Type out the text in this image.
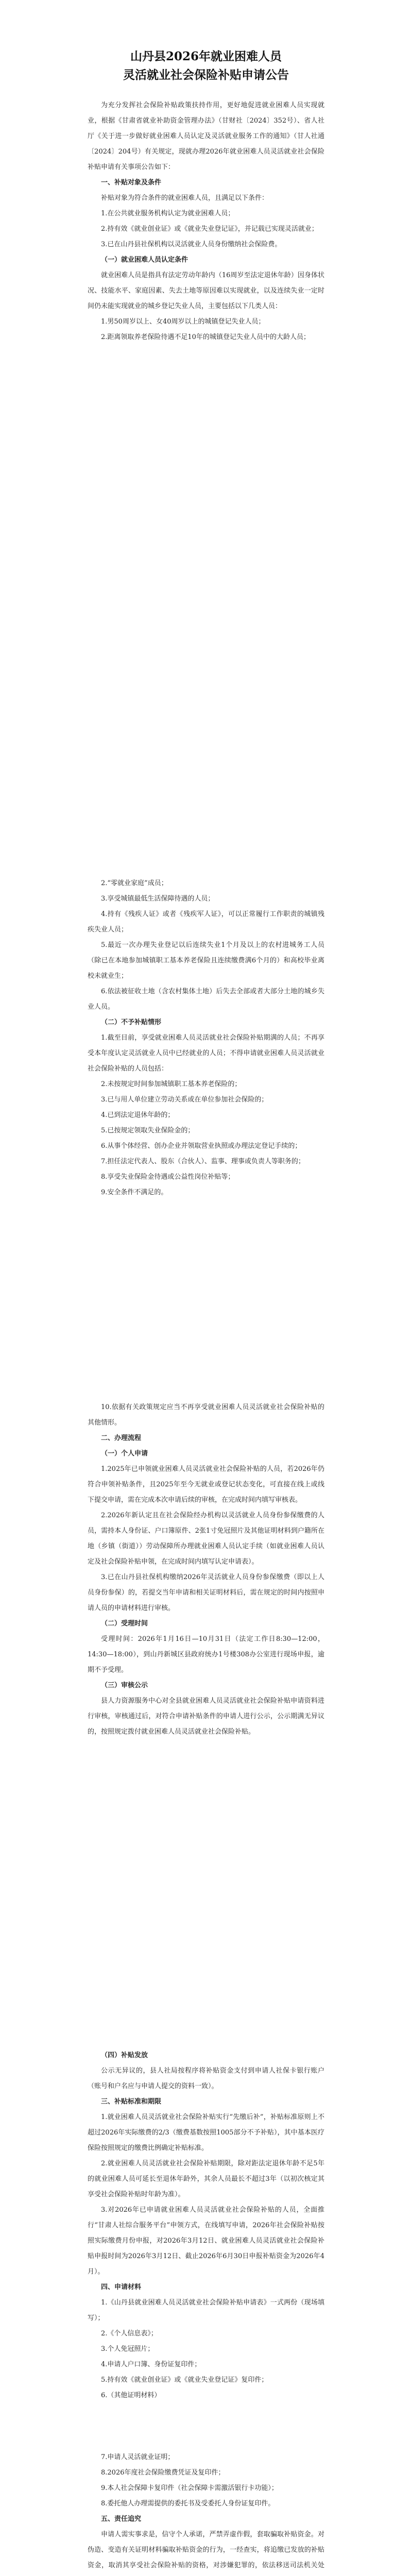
山丹县2026年就业困难人员
灵活就业社会保险补贴申请公告

为充分发挥社会保险补贴政策扶持作用，更好地促进就业困难人员实现就业，根据《甘肃省就业补助资金管理办法》（甘财社〔2024〕352号）、省人社厅《关于进一步做好就业困难人员认定及灵活就业服务工作的通知》（甘人社通〔2024〕204号）有关规定，现就办理2026年就业困难人员灵活就业社会保险补贴申请有关事项公告如下：

一、补贴对象及条件

补贴对象为符合条件的就业困难人员，且满足以下条件：

1.在公共就业服务机构认定为就业困难人员；

2.持有效《就业创业证》或《就业失业登记证》，并记载已实现灵活就业；

3.已在山丹县社保机构以灵活就业人员身份缴纳社会保险费。

（一）就业困难人员认定条件

就业困难人员是指具有法定劳动年龄内（16周岁至法定退休年龄）因身体状况、技能水平、家庭因素、失去土地等原因难以实现就业，以及连续失业一定时间仍未能实现就业的城乡登记失业人员，主要包括以下几类人员：

1.男50周岁以上、女40周岁以上的城镇登记失业人员；

2.距离领取养老保险待遇不足10年的城镇登记失业人员中的大龄人员；

2.“零就业家庭”成员；

3.享受城镇最低生活保障待遇的人员；

4.持有《残疾人证》或者《残疾军人证》，可以正常履行工作职责的城镇残疾失业人员；

5.最近一次办理失业登记以后连续失业1个月及以上的农村进城务工人员（除已在本地参加城镇职工基本养老保险且连续缴费满6个月的）和高校毕业离校未就业生；

6.依法被征收土地（含农村集体土地）后失去全部或者大部分土地的城乡失业人员。

（二）不予补贴情形

1.截至目前，享受就业困难人员灵活就业社会保险补贴期满的人员；不再享受本年度认定灵活就业人员中已经就业的人员；不得申请就业困难人员灵活就业社会保险补贴的人员包括：

2.未按规定时间参加城镇职工基本养老保险的；

3.已与用人单位建立劳动关系或在单位参加社会保险的；

4.已到法定退休年龄的；

5.已按规定领取失业保险金的；

6.从事个体经营、创办企业并领取营业执照或办理法定登记手续的；

7.担任法定代表人、股东（合伙人）、监事、理事或负责人等职务的；

8.享受失业保险金待遇或公益性岗位补贴等；

9.安全条件不满足的。

10.依据有关政策规定应当不再享受就业困难人员灵活就业社会保险补贴的其他情形。

二、办理流程

（一）个人申请

1.2025年已申领就业困难人员灵活就业社会保险补贴的人员，若2026年仍符合申领补贴条件，且2025年至今无就业或登记状态变化，可直接在线上或线下提交申请，需在完成本次申请后续的审核，在完成时间内填写审核表。

2.2026年新认定且在社会保险经办机构以灵活就业人员身份参保缴费的人员，需持本人身份证、户口簿原件、2张1寸免冠照片及其他证明材料到户籍所在地（乡镇（街道））劳动保障所办理就业困难人员认定手续（如就业困难人员认定及社会保险补贴申领，在完成时间内填写认定申请表）。

3.已在山丹县社保机构缴纳2026年灵活就业人员身份参保缴费（即以上人员身份参保）的，若提交当年申请和相关证明材料后，需在规定的时间内按照申请人员的申请材料进行审核。

（二）受理时间

受理时间：2026年1月16日—10月31日（法定工作日8:30—12:00，14:30—18:00），到山丹新城区县政府统办1号楼308办公室进行现场申报，逾期不予受理。

（三）审核公示

县人力资源服务中心对全县就业困难人员灵活就业社会保险补贴申请资料进行审核，审核通过后，对符合申请补贴条件的申请人进行公示，公示期满无异议的，按照规定拨付就业困难人员灵活就业社会保险补贴。

（四）补贴发放

公示无异议的，县人社局按程序将补贴资金支付到申请人社保卡银行账户（账号和户名应与申请人提交的资料一致）。

三、补贴标准和期限

1.就业困难人员灵活就业社会保险补贴实行“先缴后补”，补贴标准原则上不超过2026年实际缴费的2/3（缴费基数按照1005部分不予补贴），其中基本医疗保险按照规定的缴费比例确定补贴标准。

2.就业困难人员灵活就业社会保险补贴期限，除对距法定退休年龄不足5年的就业困难人员可延长至退休年龄外，其余人员最长不超过3年（以初次核定其享受社会保险补贴时年龄为准）。

3.对2026年已申请就业困难人员灵活就业社会保险补贴的人员，全面推行“甘肃人社综合服务平台”申领方式，在线填写申请，2026年社会保险补贴按照实际缴费月份申报，对2026年3月12日、就业困难人员灵活就业社会保险补贴申报时间为2026年3月12日、截止2026年6月30日申报补贴资金为2026年4月）。

四、申请材料

1.《山丹县就业困难人员灵活就业社会保险补贴申请表》一式两份（现场填写）；

2.《个人信息表》；

3.个人免冠照片；

4.申请人户口簿、身份证复印件；

5.持有效《就业创业证》或《就业失业登记证》复印件；

6.（其他证明材料）

7.申请人灵活就业证明；

8.2026年度社会保险缴费凭证及复印件；

9.本人社会保障卡复印件（社会保障卡需激活银行卡功能）；

8.委托他人办理需提供的委托书及受委托人身份证复印件。

五、责任追究

申请人需实事求是，信守个人承诺，严禁弄虚作假，套取骗取补贴资金。对伪造、变造有关证明材料骗取补贴资金的行为，一经查实，将追缴已发放的补贴资金，取消其享受社会保险补贴的资格，对涉嫌犯罪的，依法移送司法机关处
